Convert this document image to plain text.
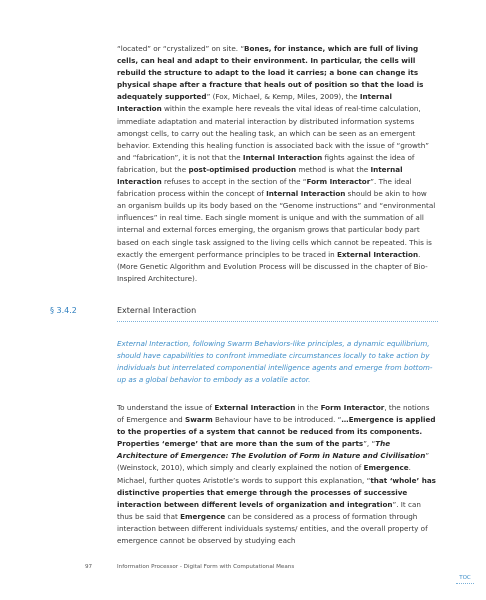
“located” or “crystalized” on site. “Bones, for instance, which are full of living cells, can heal and adapt to their environment. In particular, the cells will rebuild the structure to adapt to the load it carries; a bone can change its physical shape after a fracture that heals out of position so that the load is adequately supported” (Fox, Michael, & Kemp, Miles, 2009), the Internal Interaction within the example here reveals the vital ideas of real-time calculation, immediate adaptation and material interaction by distributed information systems amongst cells, to carry out the healing task, an which can be seen as an emergent behavior. Extending this healing function is associated back with the issue of “growth” and “fabrication”, it is not that the Internal Interaction fights against the idea of fabrication, but the post-optimised production method is what the Internal Interaction refuses to accept in the section of the “Form Interactor”. The ideal fabrication process within the concept of Internal Interaction should be akin to how an organism builds up its body based on the “Genome instructions” and “environmental influences” in real time. Each single moment is unique and with the summation of all internal and external forces emerging, the organism grows that particular body part based on each single task assigned to the living cells which cannot be repeated. This is exactly the emergent performance principles to be traced in External Interaction. (More Genetic Algorithm and Evolution Process will be discussed in the chapter of Bio-Inspired Architecture).

§ 3.4.2	External Interaction

External Interaction, following Swarm Behaviors-like principles, a dynamic equilibrium, should have capabilities to confront immediate circumstances locally to take action by individuals but interrelated componential intelligence agents and emerge from bottom-up as a global behavior to embody as a volatile actor.

To understand the issue of External Interaction in the Form Interactor, the notions of Emergence and Swarm Behaviour have to be introduced. “…Emergence is applied to the properties of a system that cannot be reduced from its components. Properties ‘emerge’ that are more than the sum of the parts”, “The Architecture of Emergence: The Evolution of Form in Nature and Civilisation” (Weinstock, 2010), which simply and clearly explained the notion of Emergence. Michael, further quotes Aristotle’s words to support this explanation, “that ‘whole’ has distinctive properties that emerge through the processes of successive interaction between different levels of organization and integration”. It can thus be said that Emergence can be considered as a process of formation through interaction between different individuals systems/ entities, and the overall property of emergence cannot be observed by studying each

97	Information Processor - Digital Form with Computational Means
TOC
